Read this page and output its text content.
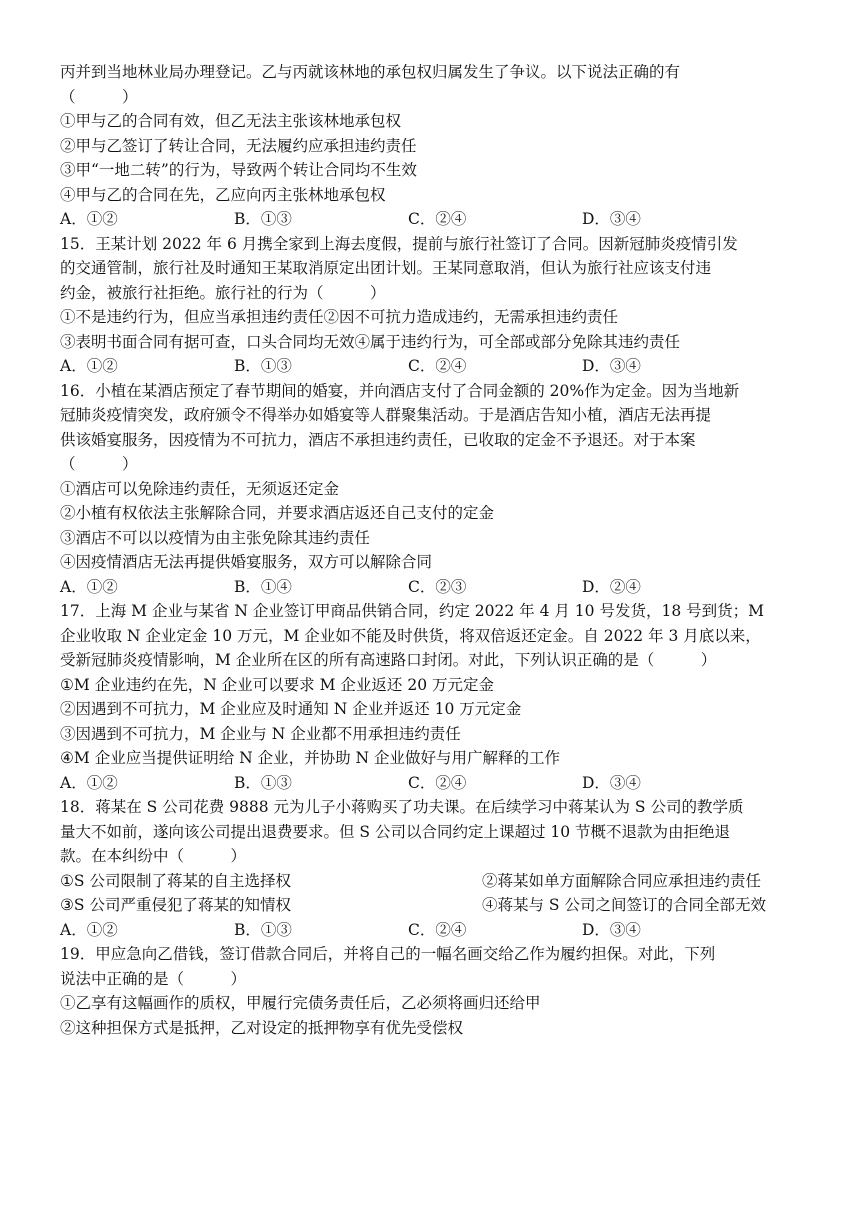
丙并到当地林业局办理登记。乙与丙就该林地的承包权归属发生了争议。以下说法正确的有
（　　　）
①甲与乙的合同有效，但乙无法主张该林地承包权
②甲与乙签订了转让合同，无法履约应承担违约责任
③甲“一地二转”的行为，导致两个转让合同均不生效
④甲与乙的合同在先，乙应向丙主张林地承包权
A．①②	B．①③	C．②④	D．③④
15．王某计划 2022 年 6 月携全家到上海去度假，提前与旅行社签订了合同。因新冠肺炎疫情引发
的交通管制，旅行社及时通知王某取消原定出团计划。王某同意取消，但认为旅行社应该支付违
约金，被旅行社拒绝。旅行社的行为（　　　）
①不是违约行为，但应当承担违约责任②因不可抗力造成违约，无需承担违约责任
③表明书面合同有据可查，口头合同均无效④属于违约行为，可全部或部分免除其违约责任
A．①②	B．①③	C．②④	D．③④
16．小植在某酒店预定了春节期间的婚宴，并向酒店支付了合同金额的 20%作为定金。因为当地新
冠肺炎疫情突发，政府颁令不得举办如婚宴等人群聚集活动。于是酒店告知小植，酒店无法再提
供该婚宴服务，因疫情为不可抗力，酒店不承担违约责任，已收取的定金不予退还。对于本案
（　　　）
①酒店可以免除违约责任，无须返还定金
②小植有权依法主张解除合同，并要求酒店返还自己支付的定金
③酒店不可以以疫情为由主张免除其违约责任
④因疫情酒店无法再提供婚宴服务，双方可以解除合同
A．①②	B．①④	C．②③	D．②④
17．上海 M 企业与某省 N 企业签订甲商品供销合同，约定 2022 年 4 月 10 号发货，18 号到货；M
企业收取 N 企业定金 10 万元，M 企业如不能及时供货，将双倍返还定金。自 2022 年 3 月底以来，
受新冠肺炎疫情影响，M 企业所在区的所有高速路口封闭。对此，下列认识正确的是（　　　）
①M 企业违约在先，N 企业可以要求 M 企业返还 20 万元定金
②因遇到不可抗力，M 企业应及时通知 N 企业并返还 10 万元定金
③因遇到不可抗力，M 企业与 N 企业都不用承担违约责任
④M 企业应当提供证明给 N 企业，并协助 N 企业做好与用广解释的工作
A．①②	B．①③	C．②④	D．③④
18．蒋某在 S 公司花费 9888 元为儿子小蒋购买了功夫课。在后续学习中蒋某认为 S 公司的教学质
量大不如前，遂向该公司提出退费要求。但 S 公司以合同约定上课超过 10 节概不退款为由拒绝退
款。在本纠纷中（　　　）
①S 公司限制了蒋某的自主选择权	②蒋某如单方面解除合同应承担违约责任
③S 公司严重侵犯了蒋某的知情权	④蒋某与 S 公司之间签订的合同全部无效
A．①②	B．①③	C．②④	D．③④
19．甲应急向乙借钱，签订借款合同后，并将自己的一幅名画交给乙作为履约担保。对此，下列
说法中正确的是（　　　）
①乙享有这幅画作的质权，甲履行完债务责任后，乙必须将画归还给甲
②这种担保方式是抵押，乙对设定的抵押物享有优先受偿权
